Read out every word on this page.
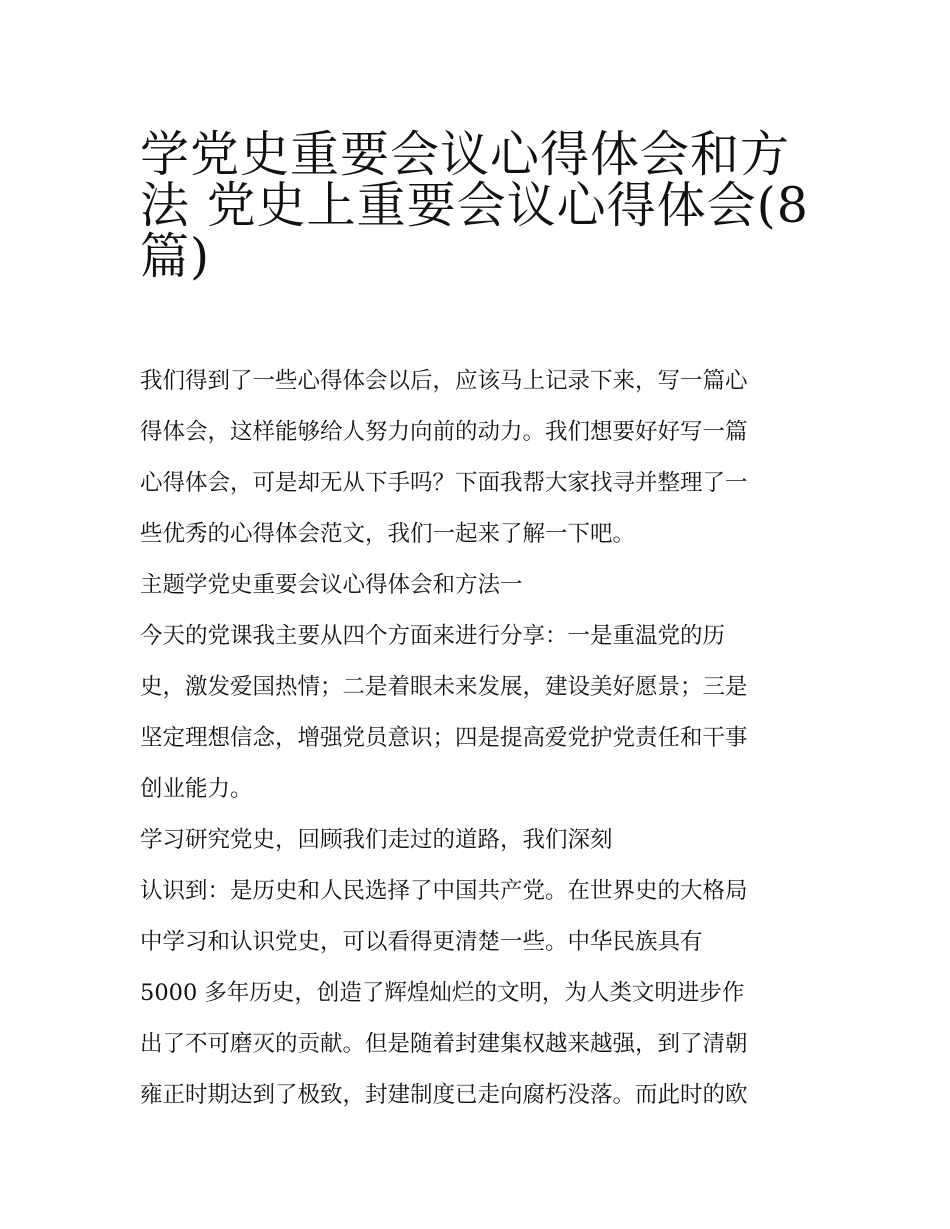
学党史重要会议心得体会和方
法 党史上重要会议心得体会(8
篇)

我们得到了一些心得体会以后，应该马上记录下来，写一篇心
得体会，这样能够给人努力向前的动力。我们想要好好写一篇
心得体会，可是却无从下手吗？下面我帮大家找寻并整理了一
些优秀的心得体会范文，我们一起来了解一下吧。

主题学党史重要会议心得体会和方法一

今天的党课我主要从四个方面来进行分享：一是重温党的历
史，激发爱国热情；二是着眼未来发展，建设美好愿景；三是
坚定理想信念，增强党员意识；四是提高爱党护党责任和干事
创业能力。

学习研究党史，回顾我们走过的道路，我们深刻

认识到：是历史和人民选择了中国共产党。在世界史的大格局
中学习和认识党史，可以看得更清楚一些。中华民族具有
5000 多年历史，创造了辉煌灿烂的文明，为人类文明进步作
出了不可磨灭的贡献。但是随着封建集权越来越强，到了清朝
雍正时期达到了极致，封建制度已走向腐朽没落。而此时的欧
